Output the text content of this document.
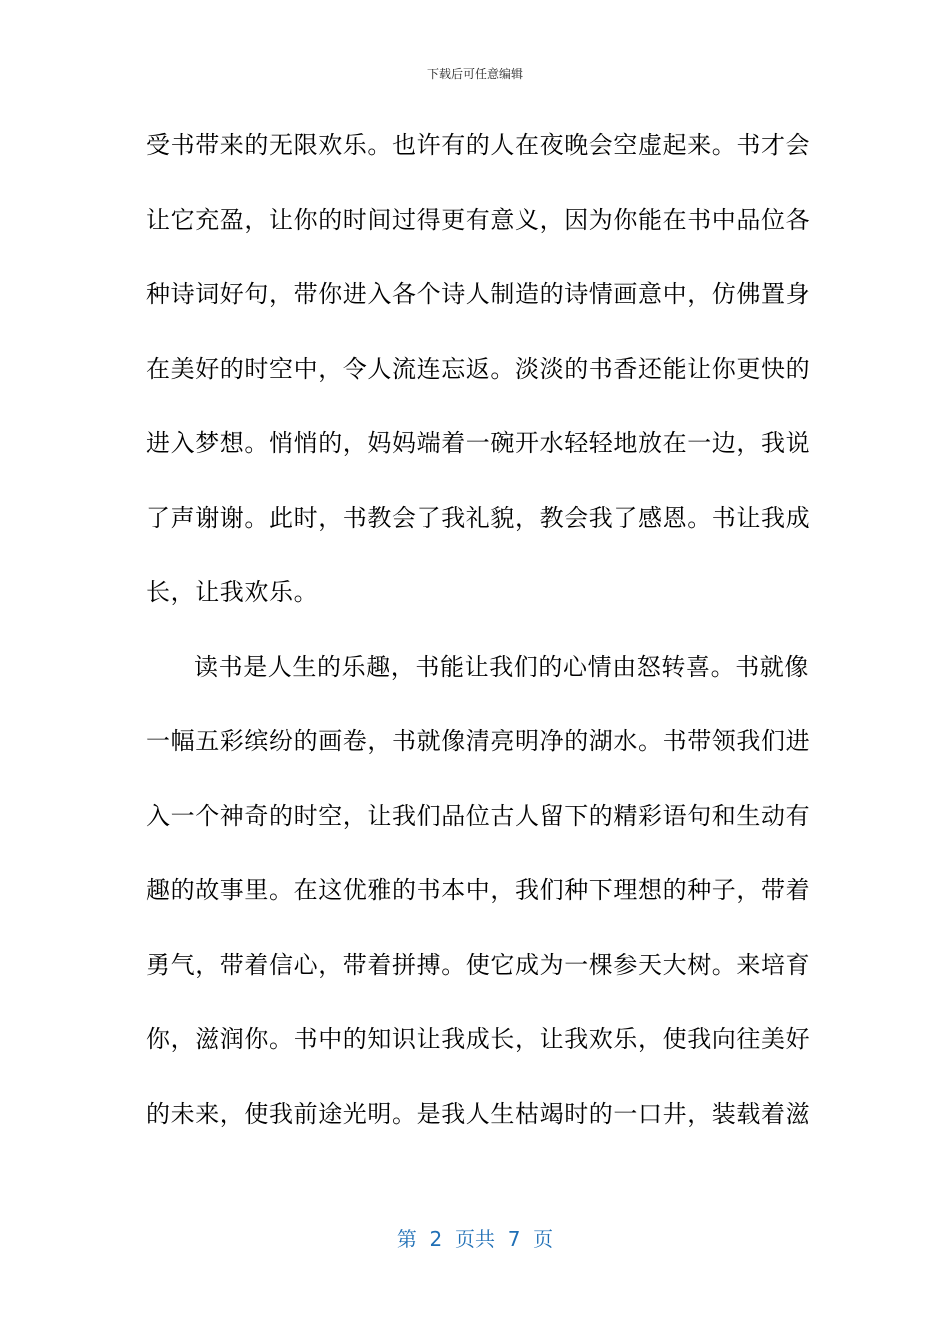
下载后可任意编辑
受书带来的无限欢乐。也许有的人在夜晚会空虚起来。书才会
让它充盈，让你的时间过得更有意义，因为你能在书中品位各
种诗词好句，带你进入各个诗人制造的诗情画意中，仿佛置身
在美好的时空中，令人流连忘返。淡淡的书香还能让你更快的
进入梦想。悄悄的，妈妈端着一碗开水轻轻地放在一边，我说
了声谢谢。此时，书教会了我礼貌，教会我了感恩。书让我成
长，让我欢乐。
读书是人生的乐趣，书能让我们的心情由怒转喜。书就像
一幅五彩缤纷的画卷，书就像清亮明净的湖水。书带领我们进
入一个神奇的时空，让我们品位古人留下的精彩语句和生动有
趣的故事里。在这优雅的书本中，我们种下理想的种子，带着
勇气，带着信心，带着拼搏。使它成为一棵参天大树。来培育
你，滋润你。书中的知识让我成长，让我欢乐，使我向往美好
的未来，使我前途光明。是我人生枯竭时的一口井，装载着滋
第  2  页共  7  页
